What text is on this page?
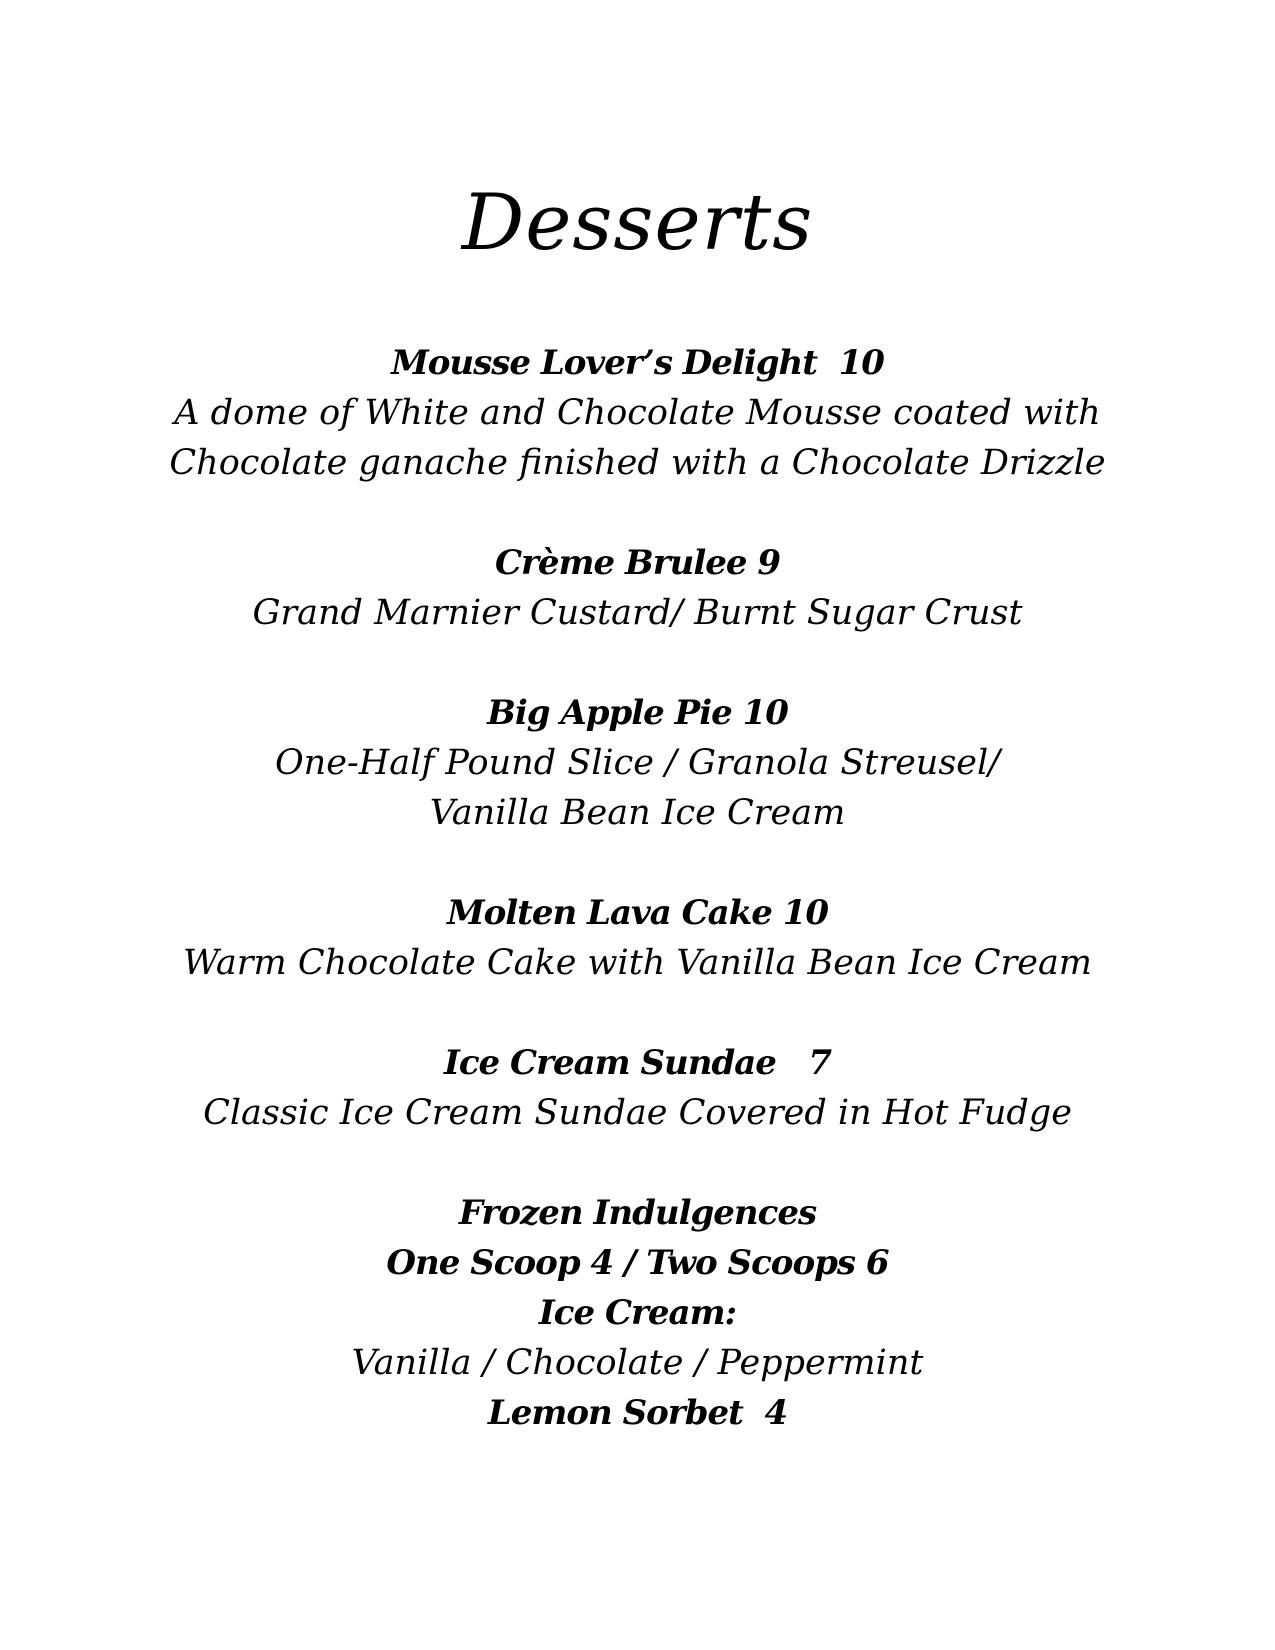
Desserts
Mousse Lover’s Delight  10
A dome of White and Chocolate Mousse coated with
Chocolate ganache finished with a Chocolate Drizzle
Crème Brulee 9
Grand Marnier Custard/ Burnt Sugar Crust
Big Apple Pie 10
One-Half Pound Slice / Granola Streusel/
Vanilla Bean Ice Cream
Molten Lava Cake 10
Warm Chocolate Cake with Vanilla Bean Ice Cream
Ice Cream Sundae   7
Classic Ice Cream Sundae Covered in Hot Fudge
Frozen Indulgences
One Scoop 4 / Two Scoops 6
Ice Cream:
Vanilla / Chocolate / Peppermint
Lemon Sorbet  4
